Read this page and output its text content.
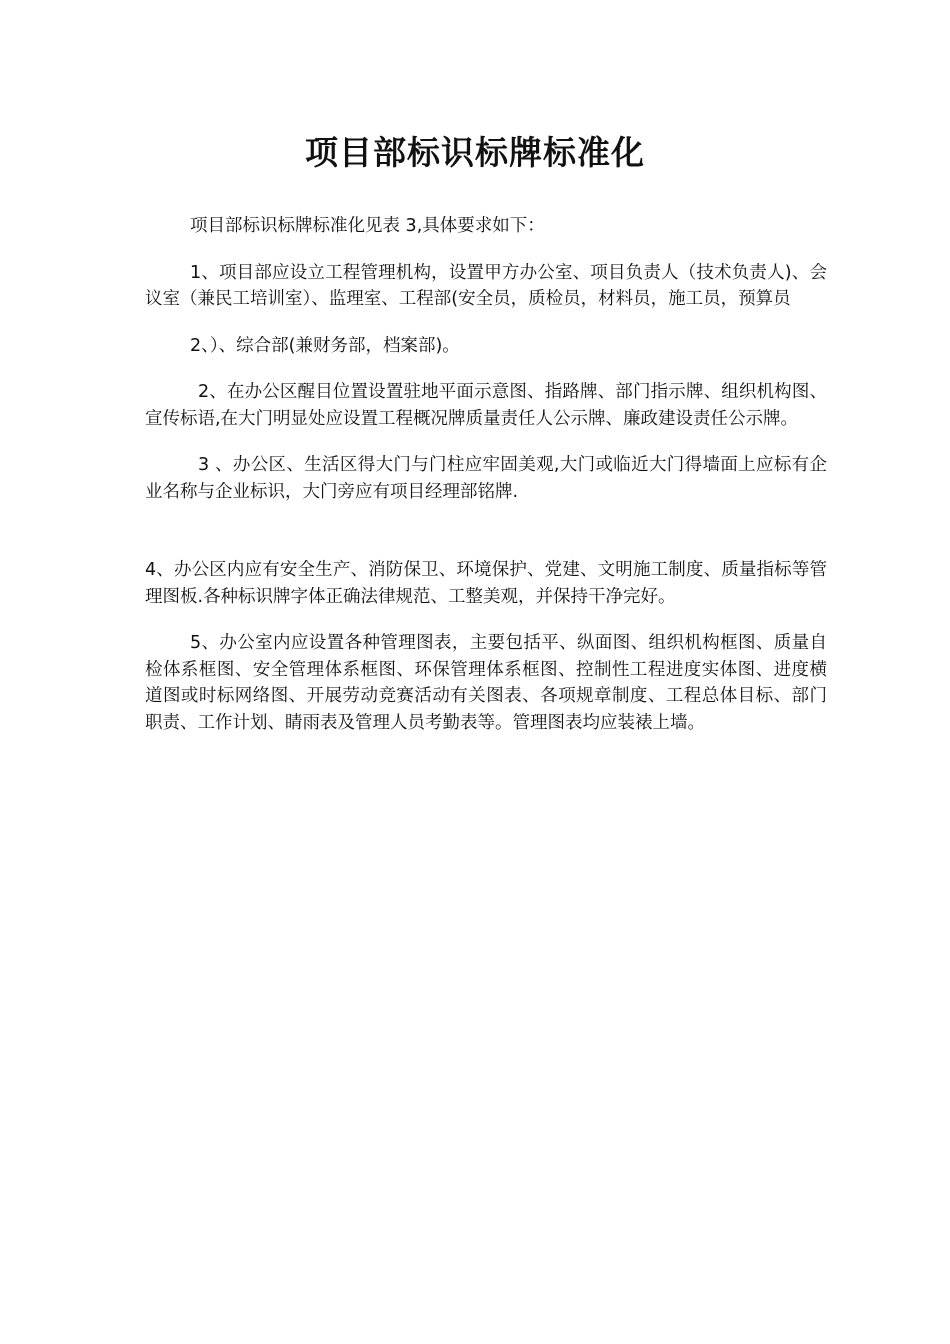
项目部标识标牌标准化

项目部标识标牌标准化见表 3,具体要求如下：

1、项目部应设立工程管理机构，设置甲方办公室、项目负责人（技术负责人)、会议室（兼民工培训室）、监理室、工程部(安全员，质检员，材料员，施工员，预算员

2、）、综合部(兼财务部，档案部)。

2、在办公区醒目位置设置驻地平面示意图、指路牌、部门指示牌、组织机构图、宣传标语,在大门明显处应设置工程概况牌质量责任人公示牌、廉政建设责任公示牌。

3 、办公区、生活区得大门与门柱应牢固美观,大门或临近大门得墙面上应标有企业名称与企业标识，大门旁应有项目经理部铭牌.

4、办公区内应有安全生产、消防保卫、环境保护、党建、文明施工制度、质量指标等管理图板.各种标识牌字体正确法律规范、工整美观，并保持干净完好。

5、办公室内应设置各种管理图表，主要包括平、纵面图、组织机构框图、质量自检体系框图、安全管理体系框图、环保管理体系框图、控制性工程进度实体图、进度横道图或时标网络图、开展劳动竞赛活动有关图表、各项规章制度、工程总体目标、部门职责、工作计划、睛雨表及管理人员考勤表等。管理图表均应装裱上墙。
